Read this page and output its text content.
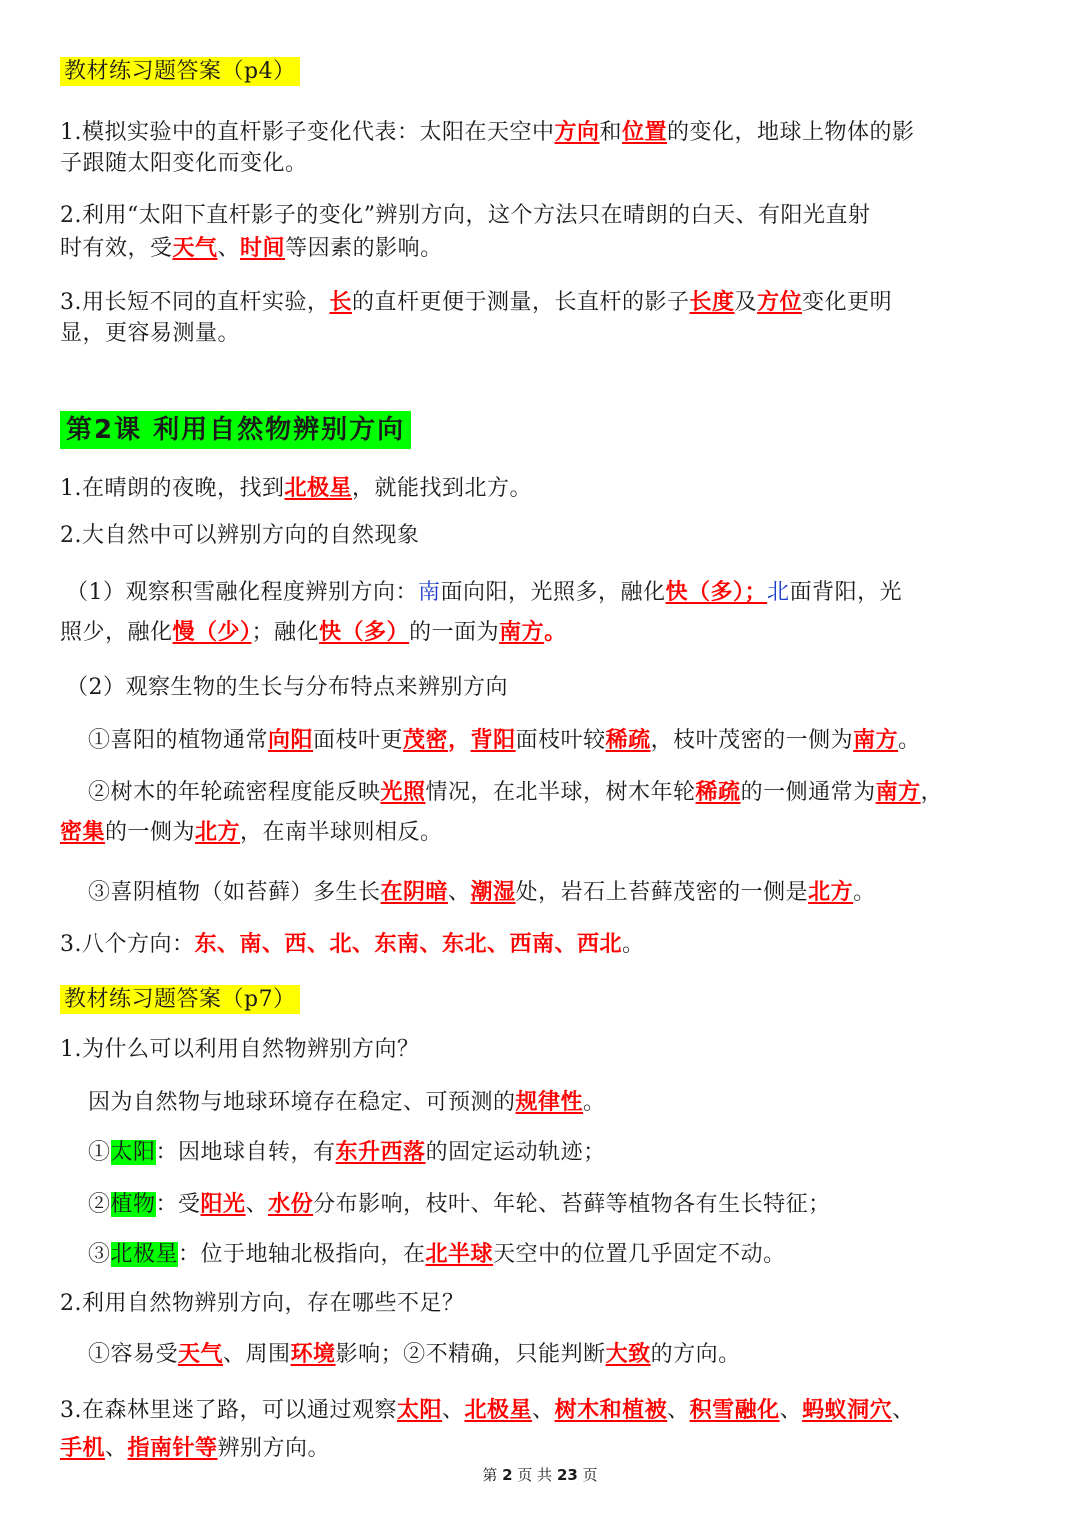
教材练习题答案（p4）
1.模拟实验中的直杆影子变化代表：太阳在天空中方向和位置的变化，地球上物体的影
子跟随太阳变化而变化。
2.利用“太阳下直杆影子的变化”辨别方向，这个方法只在晴朗的白天、有阳光直射
时有效，受天气、时间等因素的影响。
3.用长短不同的直杆实验，长的直杆更便于测量，长直杆的影子长度及方位变化更明
显，更容易测量。
第2课 利用自然物辨别方向
1.在晴朗的夜晚，找到北极星，就能找到北方。
2.大自然中可以辨别方向的自然现象
（1）观察积雪融化程度辨别方向：南面向阳，光照多，融化快（多）；北面背阳，光
照少，融化慢（少）；融化快（多）的一面为南方。
（2）观察生物的生长与分布特点来辨别方向
①喜阳的植物通常向阳面枝叶更茂密，背阳面枝叶较稀疏，枝叶茂密的一侧为南方。
②树木的年轮疏密程度能反映光照情况，在北半球，树木年轮稀疏的一侧通常为南方，
密集的一侧为北方，在南半球则相反。
③喜阴植物（如苔藓）多生长在阴暗、潮湿处，岩石上苔藓茂密的一侧是北方。
3.八个方向：东、南、西、北、东南、东北、西南、西北。
教材练习题答案（p7）
1.为什么可以利用自然物辨别方向？
因为自然物与地球环境存在稳定、可预测的规律性。
①太阳：因地球自转，有东升西落的固定运动轨迹；
②植物：受阳光、水份分布影响，枝叶、年轮、苔藓等植物各有生长特征；
③北极星：位于地轴北极指向，在北半球天空中的位置几乎固定不动。
2.利用自然物辨别方向，存在哪些不足？
①容易受天气、周围环境影响；②不精确，只能判断大致的方向。
3.在森林里迷了路，可以通过观察太阳、北极星、树木和植被、积雪融化、蚂蚁洞穴、
手机、指南针等辨别方向。
第 2 页 共 23 页
